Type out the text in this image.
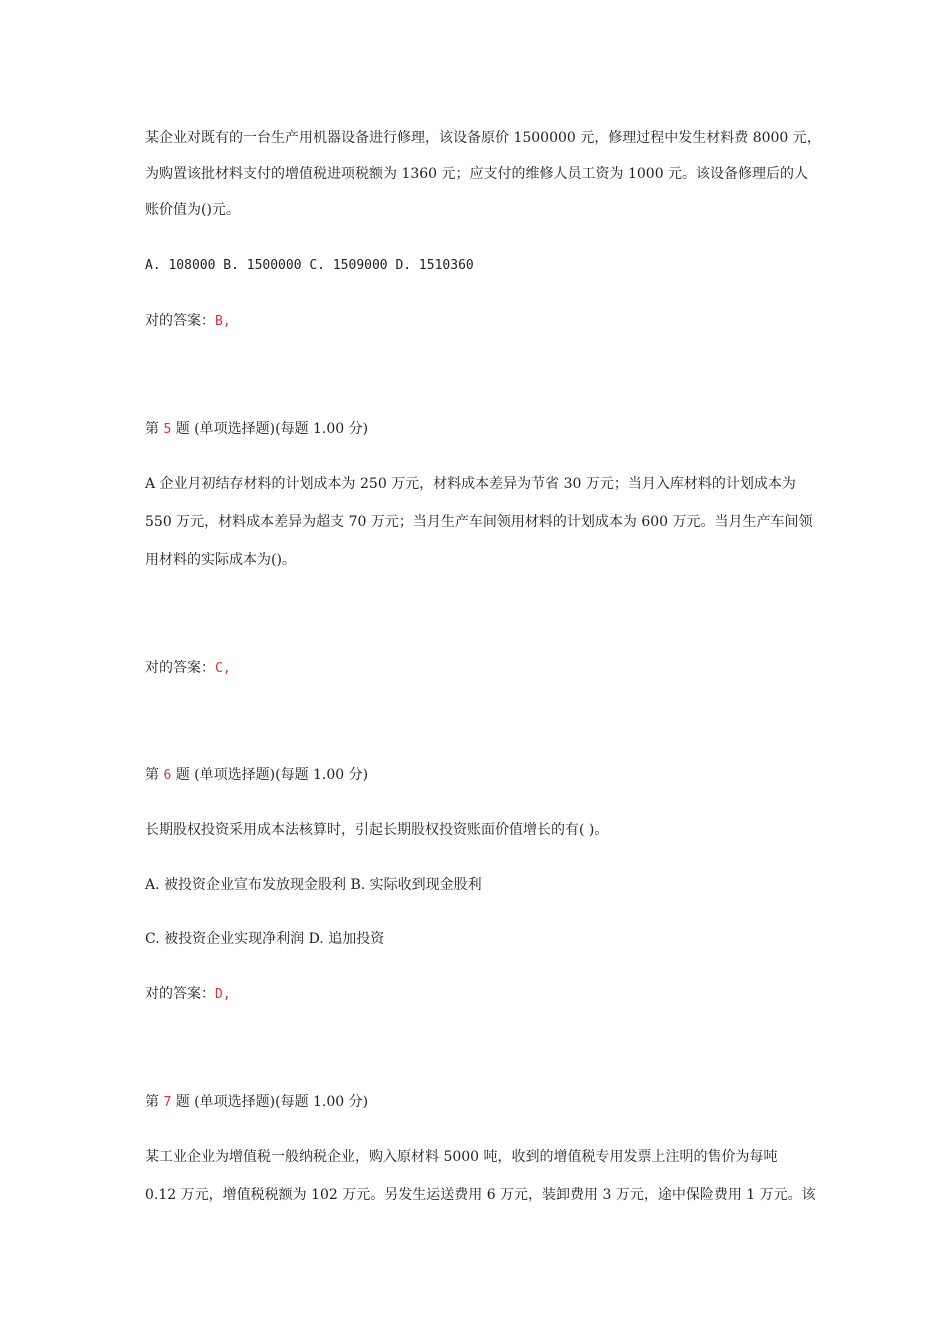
某企业对既有的一台生产用机器设备进行修理，该设备原价 1500000 元，修理过程中发生材料费 8000 元，
为购置该批材料支付的增值税进项税额为 1360 元；应支付的维修人员工资为 1000 元。该设备修理后的人
账价值为()元。
A. 108000 B. 1500000 C. 1509000 D. 1510360
对的答案：B,
第 5 题 (单项选择题)(每题 1.00 分)
A 企业月初结存材料的计划成本为 250 万元，材料成本差异为节省 30 万元；当月入库材料的计划成本为
550 万元，材料成本差异为超支 70 万元；当月生产车间领用材料的计划成本为 600 万元。当月生产车间领
用材料的实际成本为()。
对的答案：C,
第 6 题 (单项选择题)(每题 1.00 分)
长期股权投资采用成本法核算时，引起长期股权投资账面价值增长的有( )。
A. 被投资企业宣布发放现金股利 B. 实际收到现金股利
C. 被投资企业实现净利润 D. 追加投资
对的答案：D,
第 7 题 (单项选择题)(每题 1.00 分)
某工业企业为增值税一般纳税企业，购入原材料 5000 吨，收到的增值税专用发票上注明的售价为每吨
0.12 万元，增值税税额为 102 万元。另发生运送费用 6 万元，装卸费用 3 万元，途中保险费用 1 万元。该
